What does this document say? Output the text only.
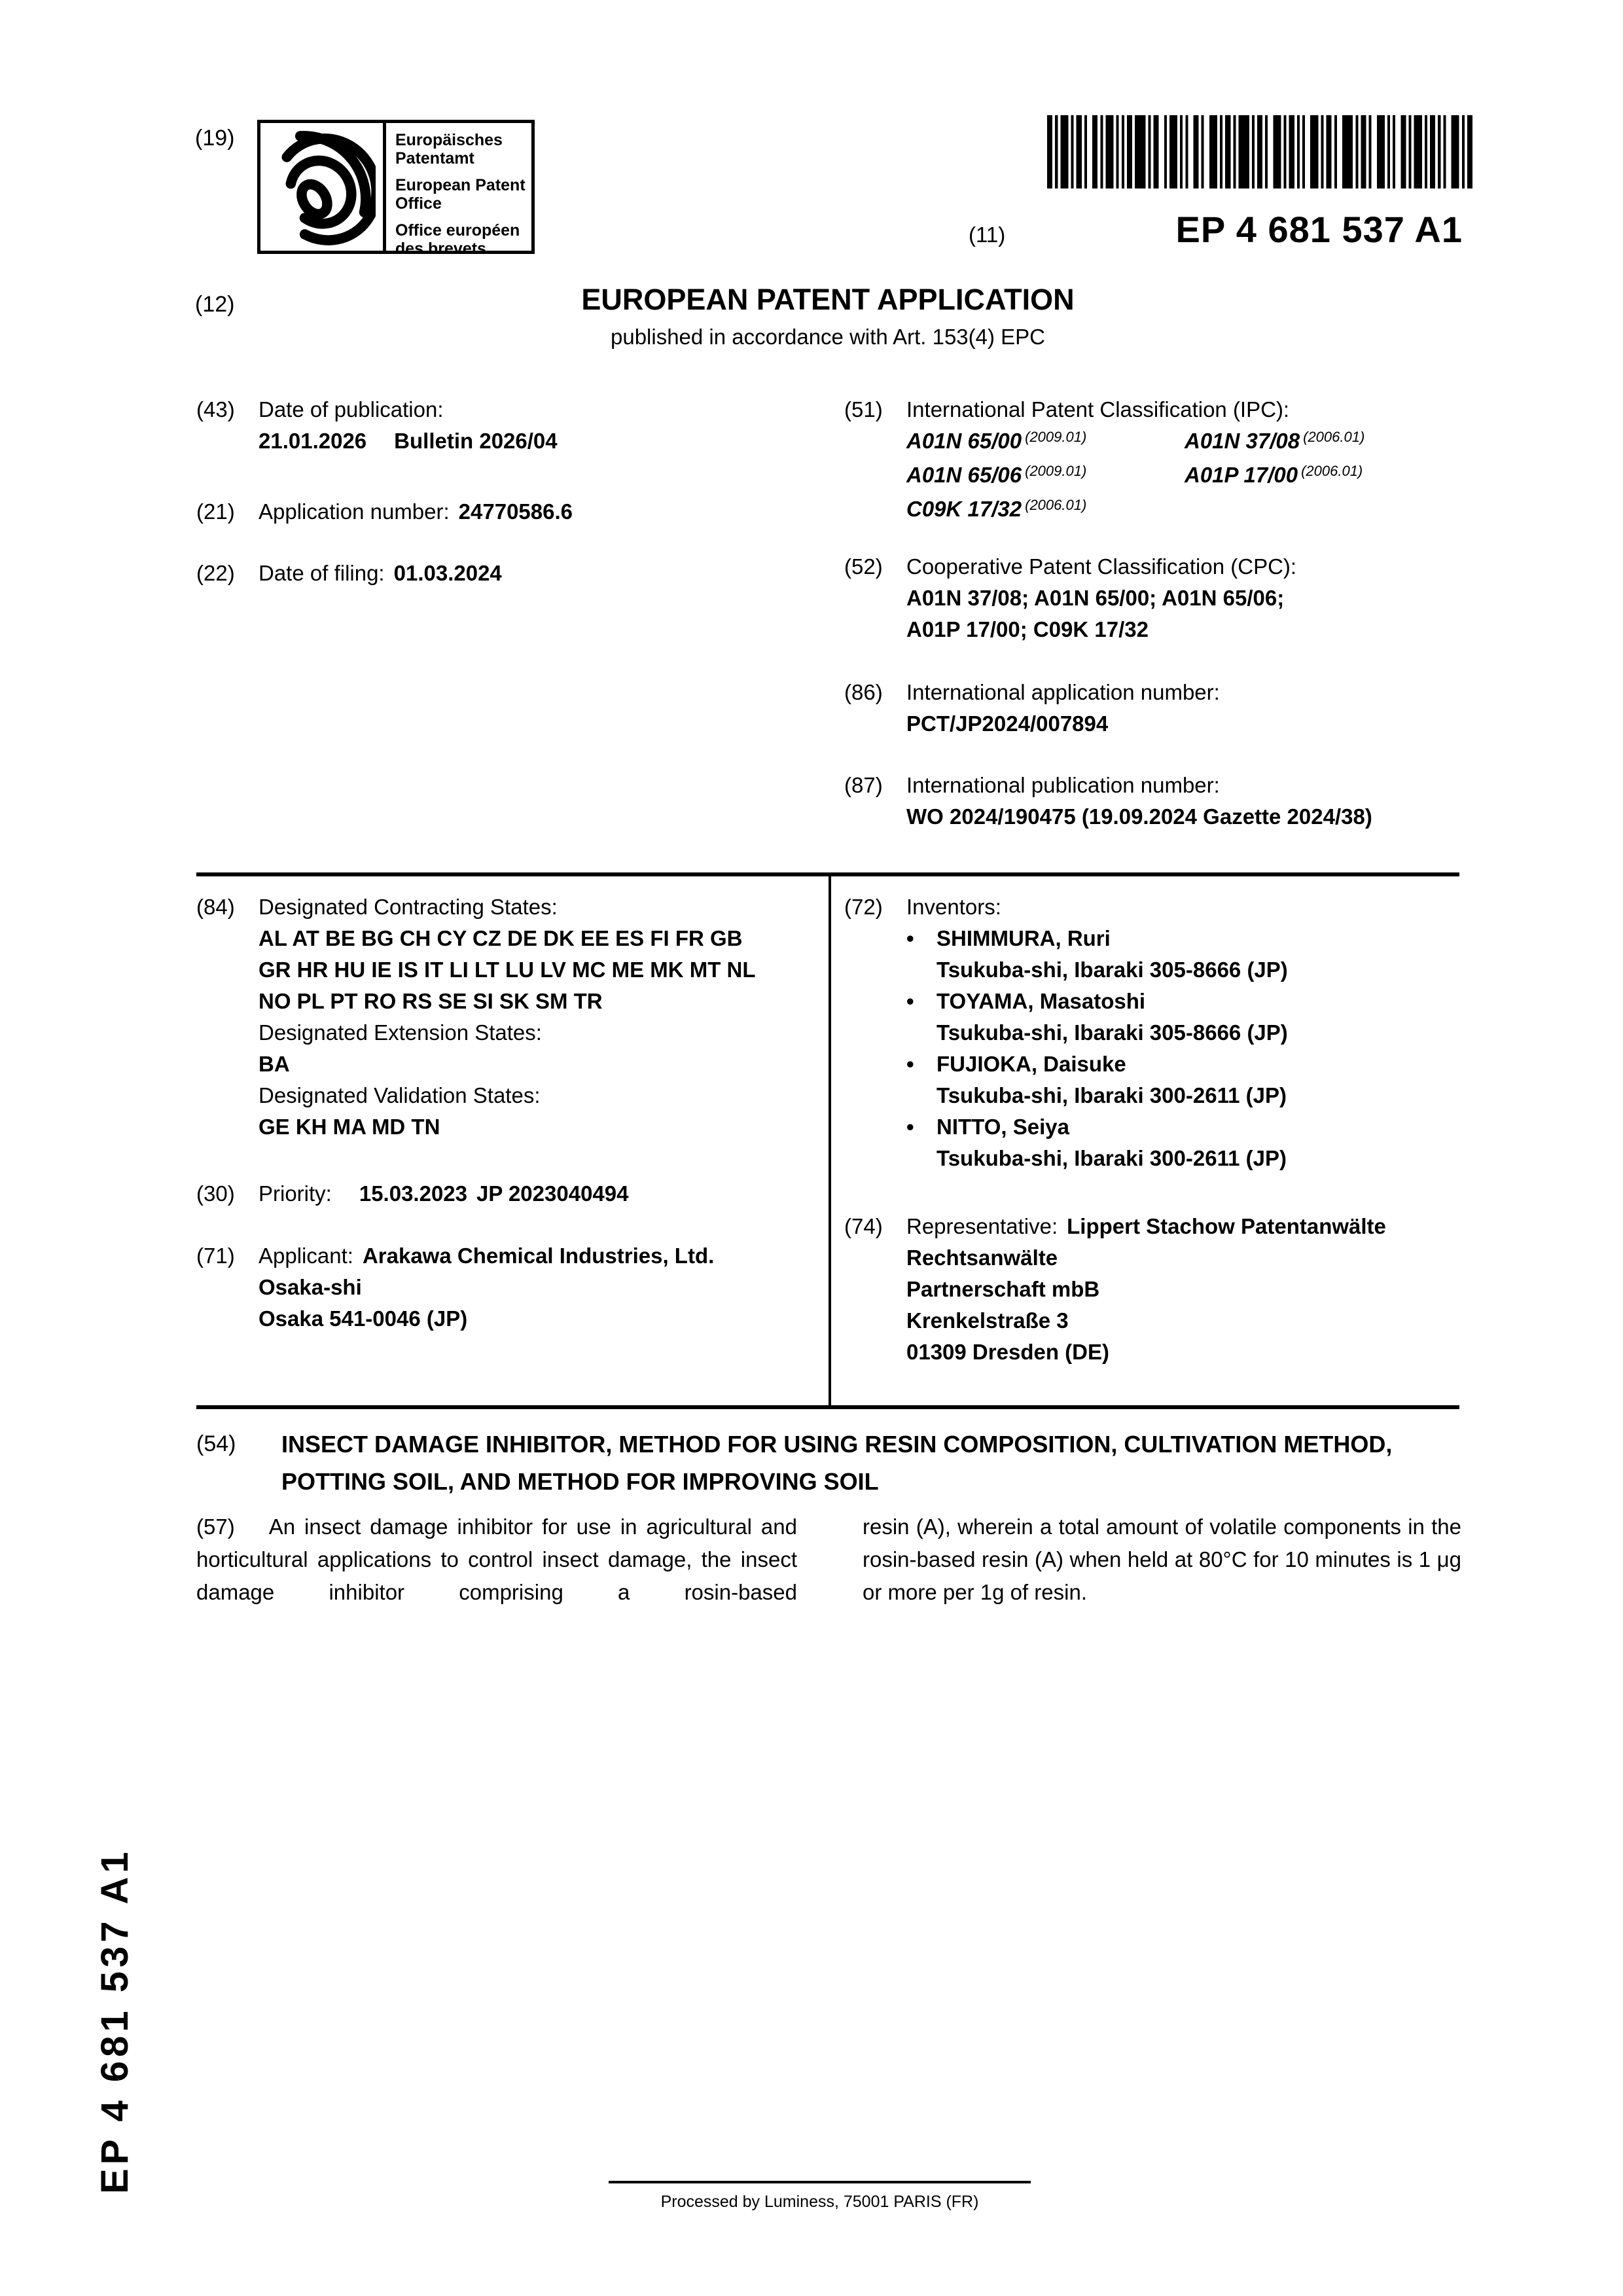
(19)	Europäisches Patentamt
European Patent Office
Office européen des brevets
(11)	EP 4 681 537 A1
(12)	EUROPEAN PATENT APPLICATION
published in accordance with Art. 153(4) EPC
(43)	Date of publication:
21.01.2026 Bulletin 2026/04
(21)	Application number: 24770586.6
(22)	Date of filing: 01.03.2024
(51)	International Patent Classification (IPC):
A01N 65/00 $^{(2009.01)}$	A01N 37/08 $^{(2006.01)}$
A01N 65/06 $^{(2009.01)}$	A01P 17/00 $^{(2006.01)}$
C09K 17/32 $^{(2006.01)}$
(52)	Cooperative Patent Classification (CPC):
A01N 37/08; A01N 65/00; A01N 65/06;
A01P 17/00; C09K 17/32
(86)	International application number:
PCT/JP2024/007894
(87)	International publication number:
WO 2024/190475 (19.09.2024 Gazette 2024/38)
(84)	Designated Contracting States:
AL AT BE BG CH CY CZ DE DK EE ES FI FR GB
GR HR HU IE IS IT LI LT LU LV MC ME MK MT NL
NO PL PT RO RS SE SI SK SM TR
Designated Extension States:
BA
Designated Validation States:
GE KH MA MD TN
(30)	Priority: 15.03.2023 JP 2023040494
(71)	Applicant: Arakawa Chemical Industries, Ltd.
Osaka-shi
Osaka 541-0046 (JP)
(72)	Inventors:
•	SHIMMURA, Ruri
Tsukuba-shi, Ibaraki 305-8666 (JP)
•	TOYAMA, Masatoshi
Tsukuba-shi, Ibaraki 305-8666 (JP)
•	FUJIOKA, Daisuke
Tsukuba-shi, Ibaraki 300-2611 (JP)
•	NITTO, Seiya
Tsukuba-shi, Ibaraki 300-2611 (JP)
(74)	Representative: Lippert Stachow Patentanwälte
Rechtsanwälte
Partnerschaft mbB
Krenkelstraße 3
01309 Dresden (DE)
(54)	INSECT DAMAGE INHIBITOR, METHOD FOR USING RESIN COMPOSITION, CULTIVATION METHOD, POTTING SOIL, AND METHOD FOR IMPROVING SOIL
(57) An insect damage inhibitor for use in agricultural and horticultural applications to control insect damage, the insect damage inhibitor comprising a rosin-based
resin (A), wherein a total amount of volatile components in the rosin-based resin (A) when held at 80°C for 10 minutes is 1 μg or more per 1g of resin.
EP 4 681 537 A1
Processed by Luminess, 75001 PARIS (FR)
